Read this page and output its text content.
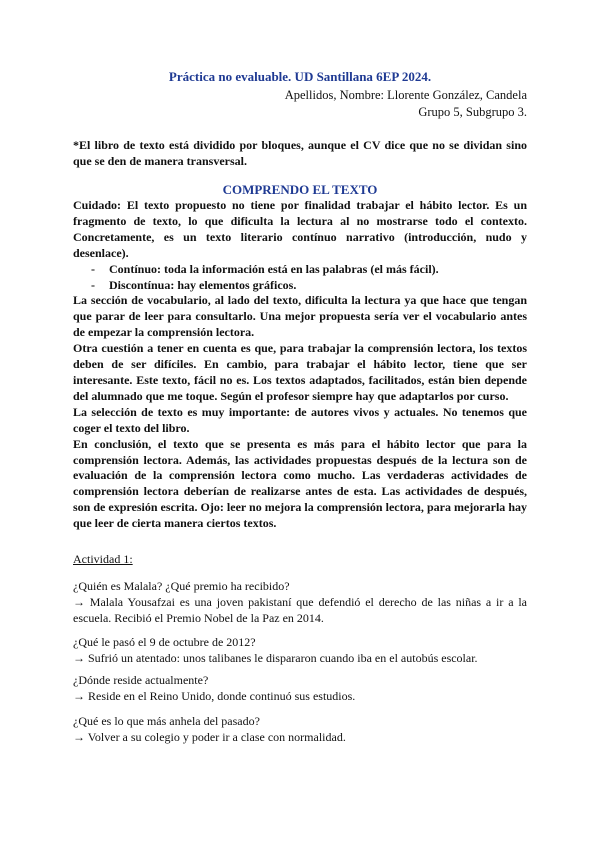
Práctica no evaluable. UD Santillana 6EP 2024.
Apellidos, Nombre: Llorente González, Candela
Grupo 5, Subgrupo 3.
*El libro de texto está dividido por bloques, aunque el CV dice que no se dividan sino que se den de manera transversal.
COMPRENDO EL TEXTO

Cuidado: El texto propuesto no tiene por finalidad trabajar el hábito lector. Es un fragmento de texto, lo que dificulta la lectura al no mostrarse todo el contexto. Concretamente, es un texto literario contínuo narrativo (introducción, nudo y desenlace).

- Contínuo: toda la información está en las palabras (el más fácil).
- Discontínua: hay elementos gráficos.

La sección de vocabulario, al lado del texto, dificulta la lectura ya que hace que tengan que parar de leer para consultarlo. Una mejor propuesta sería ver el vocabulario antes de empezar la comprensión lectora.

Otra cuestión a tener en cuenta es que, para trabajar la comprensión lectora, los textos deben de ser difíciles. En cambio, para trabajar el hábito lector, tiene que ser interesante. Este texto, fácil no es. Los textos adaptados, facilitados, están bien depende del alumnado que me toque. Según el profesor siempre hay que adaptarlos por curso.

La selección de texto es muy importante: de autores vivos y actuales. No tenemos que coger el texto del libro.

En conclusión, el texto que se presenta es más para el hábito lector que para la comprensión lectora. Además, las actividades propuestas después de la lectura son de evaluación de la comprensión lectora como mucho. Las verdaderas actividades de comprensión lectora deberían de realizarse antes de esta. Las actividades de después, son de expresión escrita. Ojo: leer no mejora la comprensión lectora, para mejorarla hay que leer de cierta manera ciertos textos.

Actividad 1:
¿Quién es Malala? ¿Qué premio ha recibido?
→ Malala Yousafzai es una joven pakistaní que defendió el derecho de las niñas a ir a la escuela. Recibió el Premio Nobel de la Paz en 2014.
¿Qué le pasó el 9 de octubre de 2012?
→ Sufrió un atentado: unos talibanes le dispararon cuando iba en el autobús escolar.
¿Dónde reside actualmente?
→ Reside en el Reino Unido, donde continuó sus estudios.
¿Qué es lo que más anhela del pasado?
→ Volver a su colegio y poder ir a clase con normalidad.
